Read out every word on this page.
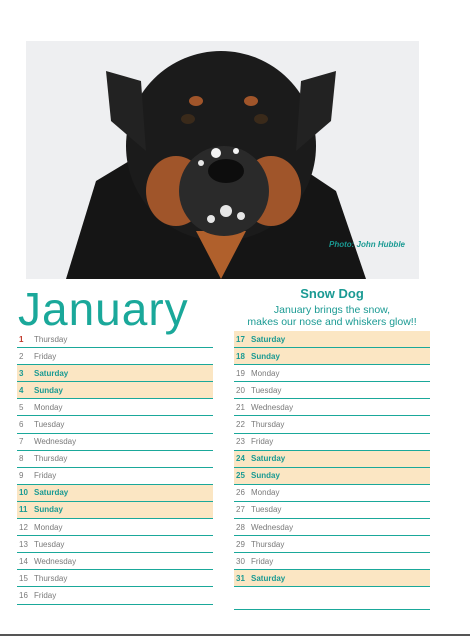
Photo: John Hubble
January	Snow Dog
January brings the snow,
makes our nose and whiskers glow!!
1	Thursday
2	Friday
3	Saturday
4	Sunday
5	Monday
6	Tuesday
7	Wednesday
8	Thursday
9	Friday
10 Saturday
11 Sunday
12 Monday
13 Tuesday
14 Wednesday
15 Thursday
16 Friday
17 Saturday
18 Sunday
19 Monday
20 Tuesday
21 Wednesday
22 Thursday
23 Friday
24 Saturday
25 Sunday
26 Monday
27 Tuesday
28 Wednesday
29 Thursday
30 Friday
31 Saturday
